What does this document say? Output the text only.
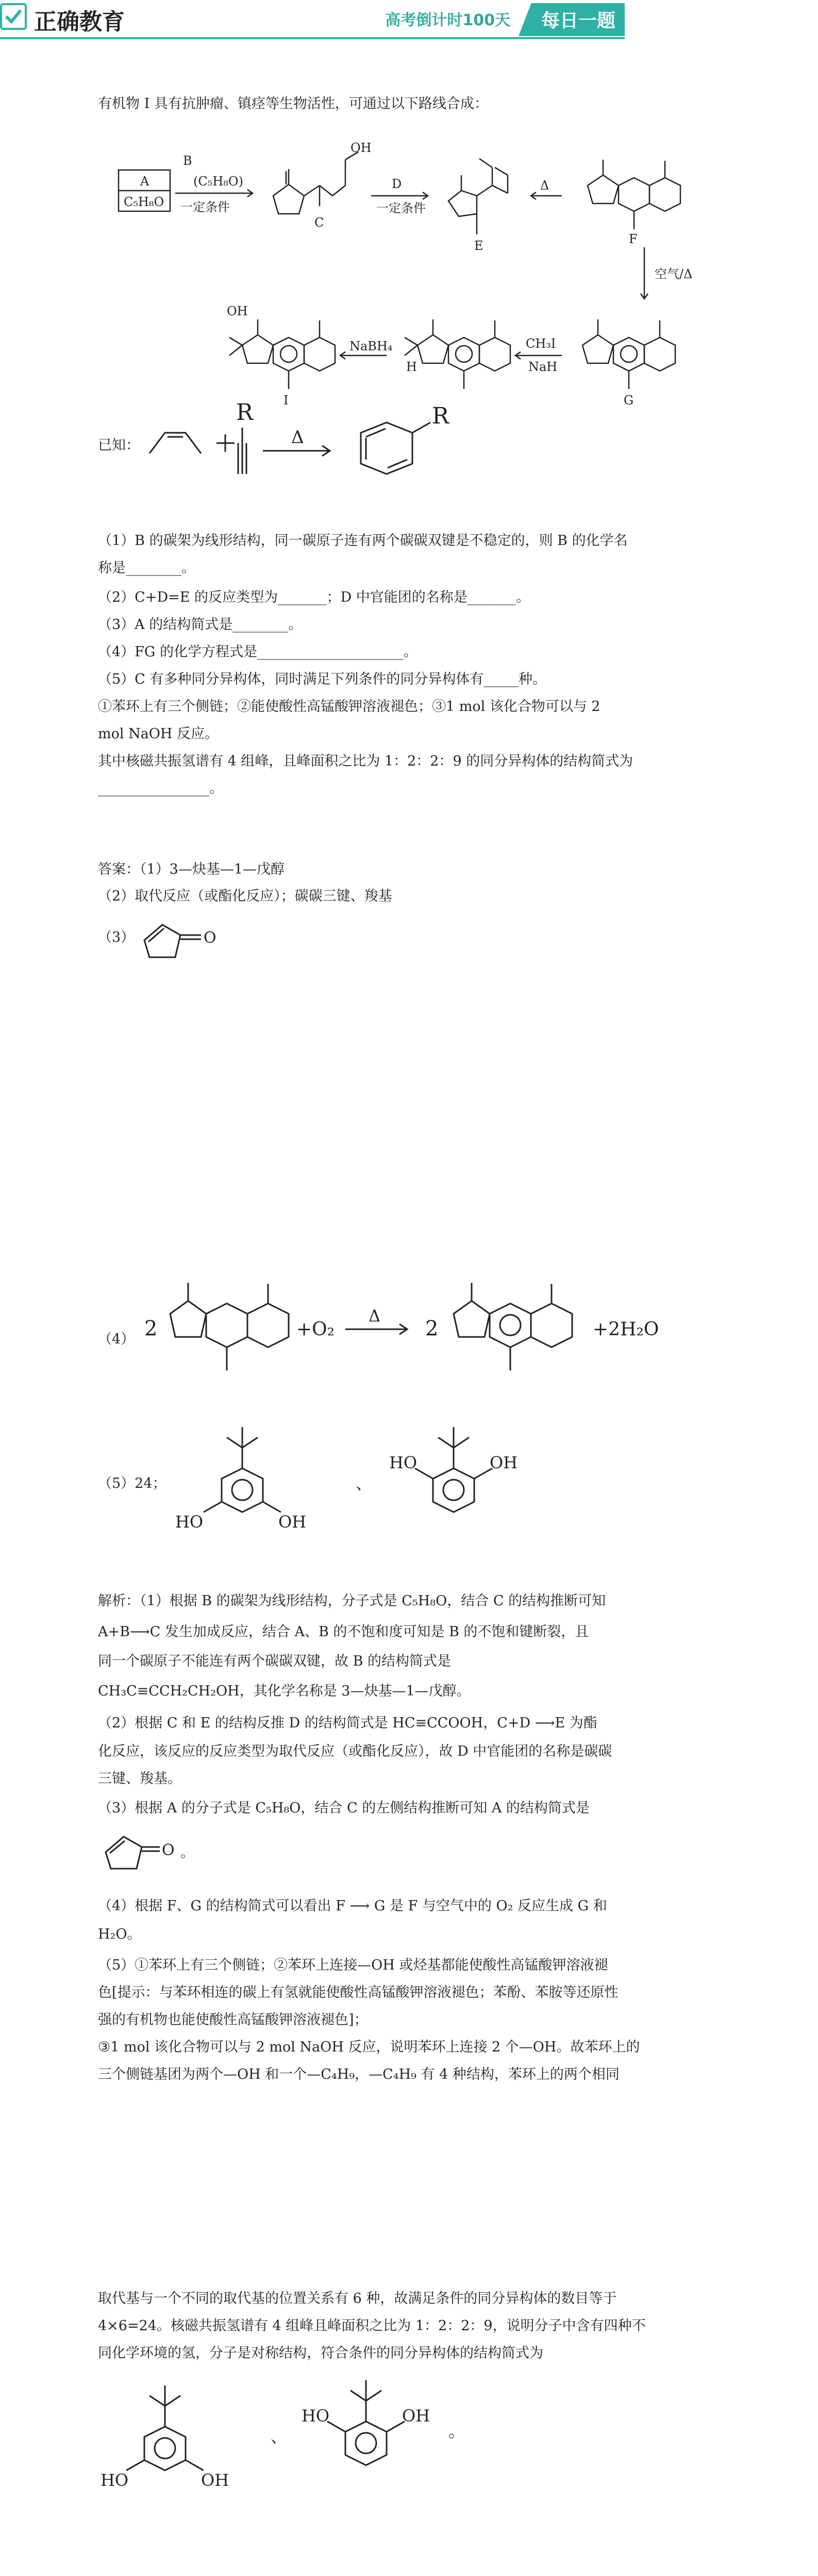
正确教育	高考倒计时100天 每日一题
有机物 I 具有抗肿瘤、镇痉等生物活性，可通过以下路线合成：
A
C₅H₈O
B
(C₅H₈O)
一定条件
C
OH
D
一定条件
E
Δ
F
空气/Δ
G
CH₃I
NaH
H
NaBH₄
I
OH
已知：
R
Δ
R
（1）B 的碳架为线形结构，同一碳原子连有两个碳碳双键是不稳定的，则 B 的化学名
称是________。
（2）C+D=E 的反应类型为_______；D 中官能团的名称是_______。
（3）A 的结构简式是________。
（4）FG 的化学方程式是_____________________。
（5）C 有多种同分异构体，同时满足下列条件的同分异构体有_____种。
①苯环上有三个侧链；②能使酸性高锰酸钾溶液褪色；③1 mol 该化合物可以与 2
mol NaOH 反应。
其中核磁共振氢谱有 4 组峰，且峰面积之比为 1：2：2：9 的同分异构体的结构简式为
________________。
答案：（1）3—炔基—1—戊醇
（2）取代反应（或酯化反应）；碳碳三键、羧基
（3）	O
（4） 2	+O₂
Δ
2	+2H₂O
（5）24；
HO	OH
、
HO	OH
解析：（1）根据 B 的碳架为线形结构，分子式是 C₅H₈O，结合 C 的结构推断可知
A+B⟶C 发生加成反应，结合 A、B 的不饱和度可知是 B 的不饱和键断裂，且
同一个碳原子不能连有两个碳碳双键，故 B 的结构简式是
CH₃C≡CCH₂CH₂OH，其化学名称是 3—炔基—1—戊醇。
（2）根据 C 和 E 的结构反推 D 的结构简式是 HC≡CCOOH，C+D ⟶E 为酯
化反应，该反应的反应类型为取代反应（或酯化反应），故 D 中官能团的名称是碳碳
三键、羧基。
（3）根据 A 的分子式是 C₅H₈O，结合 C 的左侧结构推断可知 A 的结构简式是
O 。
（4）根据 F、G 的结构简式可以看出 F ⟶ G 是 F 与空气中的 O₂ 反应生成 G 和
H₂O。
（5）①苯环上有三个侧链；②苯环上连接—OH 或烃基都能使酸性高锰酸钾溶液褪
色[提示：与苯环相连的碳上有氢就能使酸性高锰酸钾溶液褪色；苯酚、苯胺等还原性
强的有机物也能使酸性高锰酸钾溶液褪色]；
③1 mol 该化合物可以与 2 mol NaOH 反应，说明苯环上连接 2 个—OH。故苯环上的
三个侧链基团为两个—OH 和一个—C₄H₉，—C₄H₉ 有 4 种结构，苯环上的两个相同
取代基与一个不同的取代基的位置关系有 6 种，故满足条件的同分异构体的数目等于
4×6=24。核磁共振氢谱有 4 组峰且峰面积之比为 1：2：2：9，说明分子中含有四种不
同化学环境的氢，分子是对称结构，符合条件的同分异构体的结构简式为
HO	OH
、
HO	OH
。
